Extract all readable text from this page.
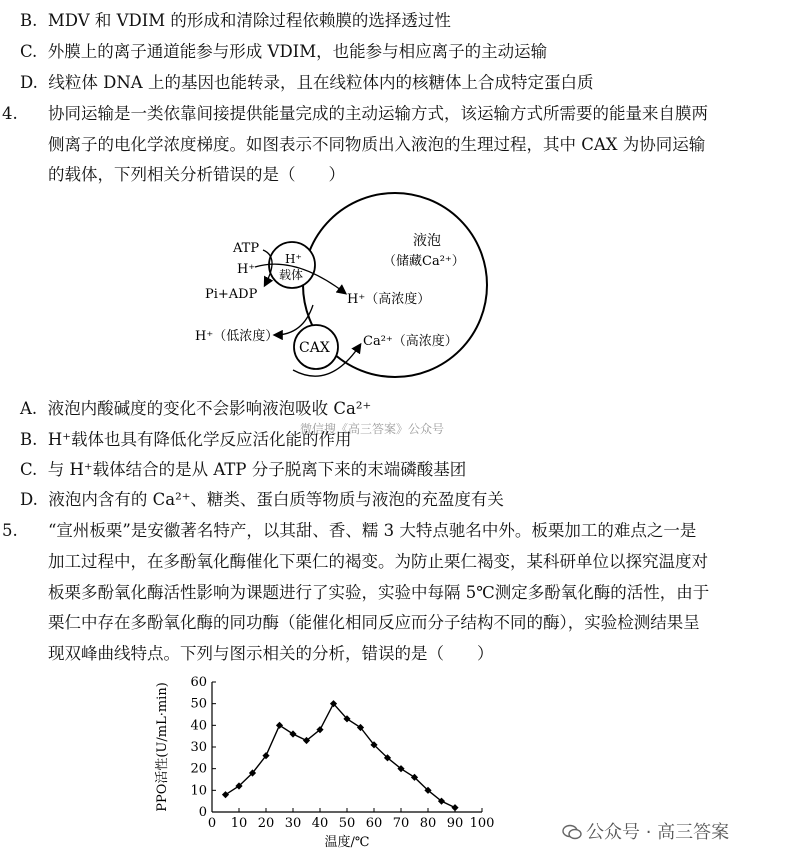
B. MDV 和 VDIM 的形成和清除过程依赖膜的选择透过性
C. 外膜上的离子通道能参与形成 VDIM，也能参与相应离子的主动运输
D. 线粒体 DNA 上的基因也能转录，且在线粒体内的核糖体上合成特定蛋白质
4. 协同运输是一类依靠间接提供能量完成的主动运输方式，该运输方式所需要的能量来自膜两
侧离子的电化学浓度梯度。如图表示不同物质出入液泡的生理过程，其中 CAX 为协同运输
的载体，下列相关分析错误的是（　　）
液泡
（储藏Ca²⁺）
H⁺
载体
ATP
H⁺
Pi+ADP	H⁺（高浓度）
CAX
H⁺（低浓度）	Ca²⁺（高浓度）
A. 液泡内酸碱度的变化不会影响液泡吸收 Ca²⁺
微信搜《高三答案》公众号
B. H⁺载体也具有降低化学反应活化能的作用
C. 与 H⁺载体结合的是从 ATP 分子脱离下来的末端磷酸基团
D. 液泡内含有的 Ca²⁺、糖类、蛋白质等物质与液泡的充盈度有关
5. “宣州板栗”是安徽著名特产，以其甜、香、糯 3 大特点驰名中外。板栗加工的难点之一是
加工过程中，在多酚氧化酶催化下栗仁的褐变。为防止栗仁褐变，某科研单位以探究温度对
板栗多酚氧化酶活性影响为课题进行了实验，实验中每隔 5℃测定多酚氧化酶的活性，由于
栗仁中存在多酚氧化酶的同功酶（能催化相同反应而分子结构不同的酶），实验检测结果呈
现双峰曲线特点。下列与图示相关的分析，错误的是（　　）
0 10 20 30 40 50 60 70 80 90 100
0
10
20
30
40
50
60
温度/℃
PPO活性(U/mL·min)
公众号 · 高三答案
